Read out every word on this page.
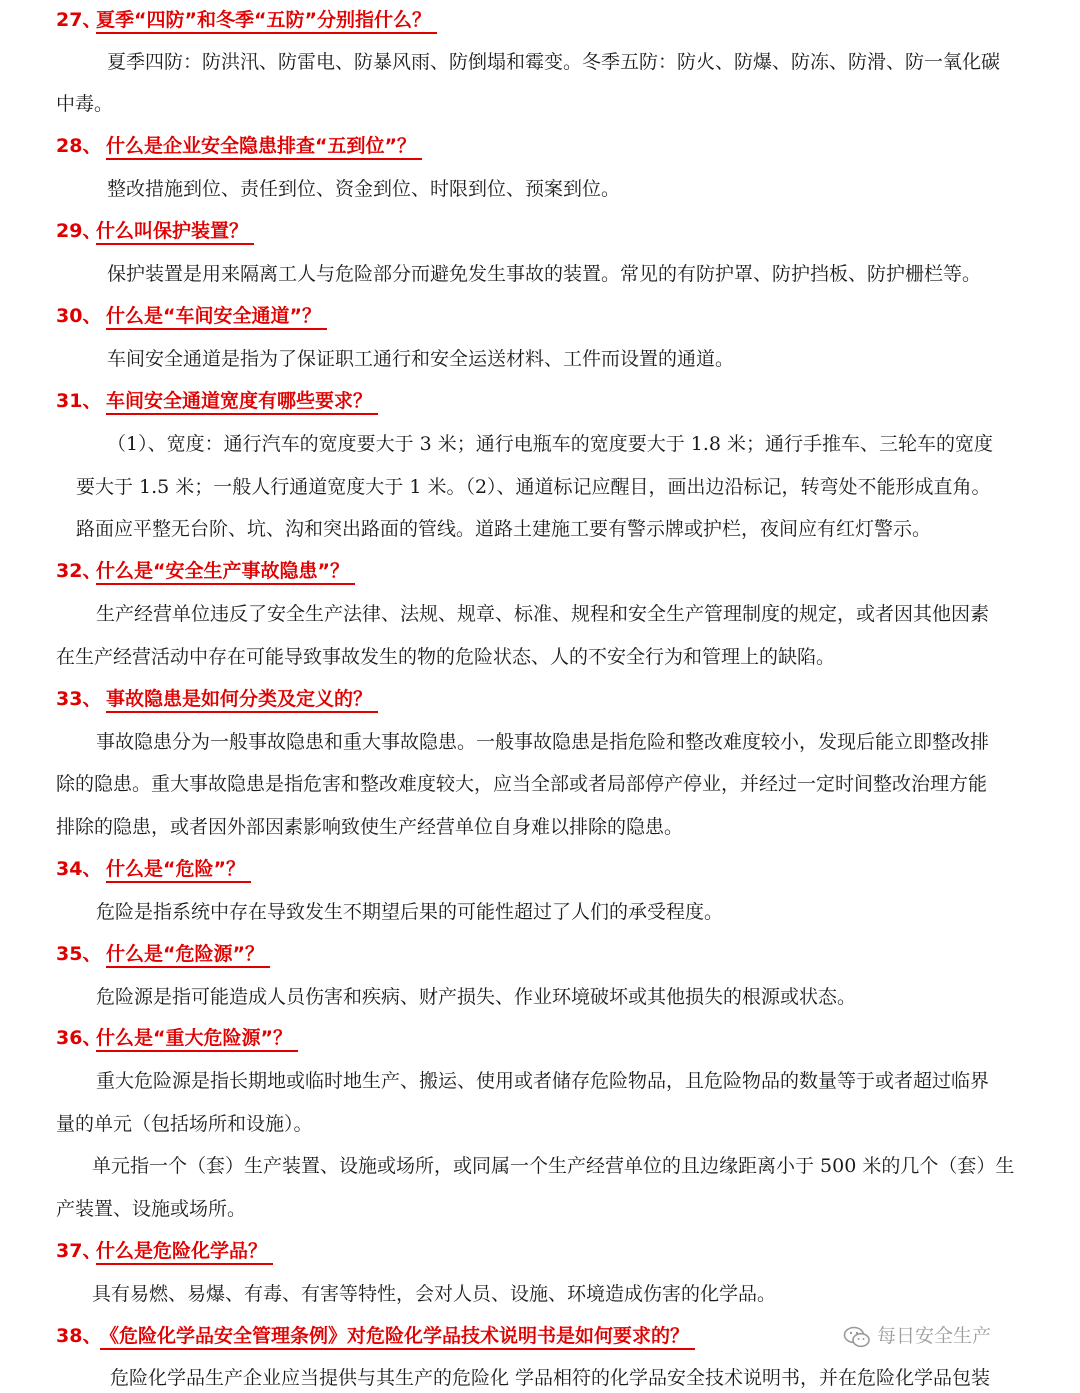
27、夏季“四防”和冬季“五防”分别指什么？
夏季四防：防洪汛、防雷电、防暴风雨、防倒塌和霉变。冬季五防：防火、防爆、防冻、防滑、防一氧化碳
中毒。
28、 什么是企业安全隐患排查“五到位”？
整改措施到位、责任到位、资金到位、时限到位、预案到位。
29、什么叫保护装置？
保护装置是用来隔离工人与危险部分而避免发生事故的装置。常见的有防护罩、防护挡板、防护栅栏等。
30、 什么是“车间安全通道”？
车间安全通道是指为了保证职工通行和安全运送材料、工件而设置的通道。
31、 车间安全通道宽度有哪些要求？
（1）、宽度：通行汽车的宽度要大于 3 米；通行电瓶车的宽度要大于 1.8 米；通行手推车、三轮车的宽度
要大于 1.5 米；一般人行通道宽度大于 1 米。（2）、通道标记应醒目，画出边沿标记，转弯处不能形成直角。
路面应平整无台阶、坑、沟和突出路面的管线。道路土建施工要有警示牌或护栏，夜间应有红灯警示。
32、什么是“安全生产事故隐患”？
生产经营单位违反了安全生产法律、法规、规章、标准、规程和安全生产管理制度的规定，或者因其他因素
在生产经营活动中存在可能导致事故发生的物的危险状态、人的不安全行为和管理上的缺陷。
33、 事故隐患是如何分类及定义的？
事故隐患分为一般事故隐患和重大事故隐患。一般事故隐患是指危险和整改难度较小，发现后能立即整改排
除的隐患。重大事故隐患是指危害和整改难度较大，应当全部或者局部停产停业，并经过一定时间整改治理方能
排除的隐患，或者因外部因素影响致使生产经营单位自身难以排除的隐患。
34、 什么是“危险”？
危险是指系统中存在导致发生不期望后果的可能性超过了人们的承受程度。
35、 什么是“危险源”？
危险源是指可能造成人员伤害和疾病、财产损失、作业环境破坏或其他损失的根源或状态。
36、什么是“重大危险源”？
重大危险源是指长期地或临时地生产、搬运、使用或者储存危险物品，且危险物品的数量等于或者超过临界
量的单元（包括场所和设施）。
单元指一个（套）生产装置、设施或场所，或同属一个生产经营单位的且边缘距离小于 500 米的几个（套）生
产装置、设施或场所。
37、什么是危险化学品？
具有易燃、易爆、有毒、有害等特性，会对人员、设施、环境造成伤害的化学品。
38、《危险化学品安全管理条例》对危险化学品技术说明书是如何要求的？
危险化学品生产企业应当提供与其生产的危险化 学品相符的化学品安全技术说明书，并在危险化学品包装
每日安全生产
